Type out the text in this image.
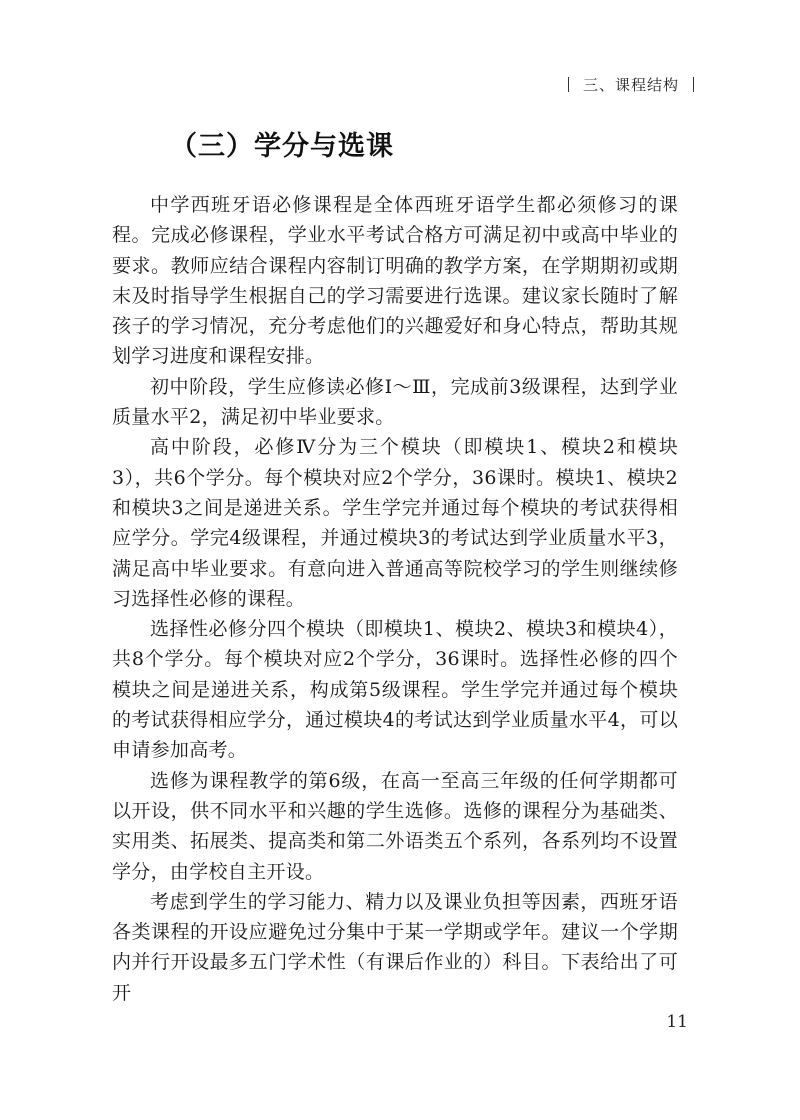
三、课程结构
（三）学分与选课

中学西班牙语必修课程是全体西班牙语学生都必须修习的课程。完成必修课程，学业水平考试合格方可满足初中或高中毕业的要求。教师应结合课程内容制订明确的教学方案，在学期期初或期末及时指导学生根据自己的学习需要进行选课。建议家长随时了解孩子的学习情况，充分考虑他们的兴趣爱好和身心特点，帮助其规划学习进度和课程安排。

初中阶段，学生应修读必修Ⅰ～Ⅲ，完成前3级课程，达到学业质量水平2，满足初中毕业要求。

高中阶段，必修Ⅳ分为三个模块（即模块1、模块2和模块3），共6个学分。每个模块对应2个学分，36课时。模块1、模块2和模块3之间是递进关系。学生学完并通过每个模块的考试获得相应学分。学完4级课程，并通过模块3的考试达到学业质量水平3，满足高中毕业要求。有意向进入普通高等院校学习的学生则继续修习选择性必修的课程。

选择性必修分四个模块（即模块1、模块2、模块3和模块4），共8个学分。每个模块对应2个学分，36课时。选择性必修的四个模块之间是递进关系，构成第5级课程。学生学完并通过每个模块的考试获得相应学分，通过模块4的考试达到学业质量水平4，可以申请参加高考。

选修为课程教学的第6级，在高一至高三年级的任何学期都可以开设，供不同水平和兴趣的学生选修。选修的课程分为基础类、实用类、拓展类、提高类和第二外语类五个系列，各系列均不设置学分，由学校自主开设。

考虑到学生的学习能力、精力以及课业负担等因素，西班牙语各类课程的开设应避免过分集中于某一学期或学年。建议一个学期内并行开设最多五门学术性（有课后作业的）科目。下表给出了可开

11
